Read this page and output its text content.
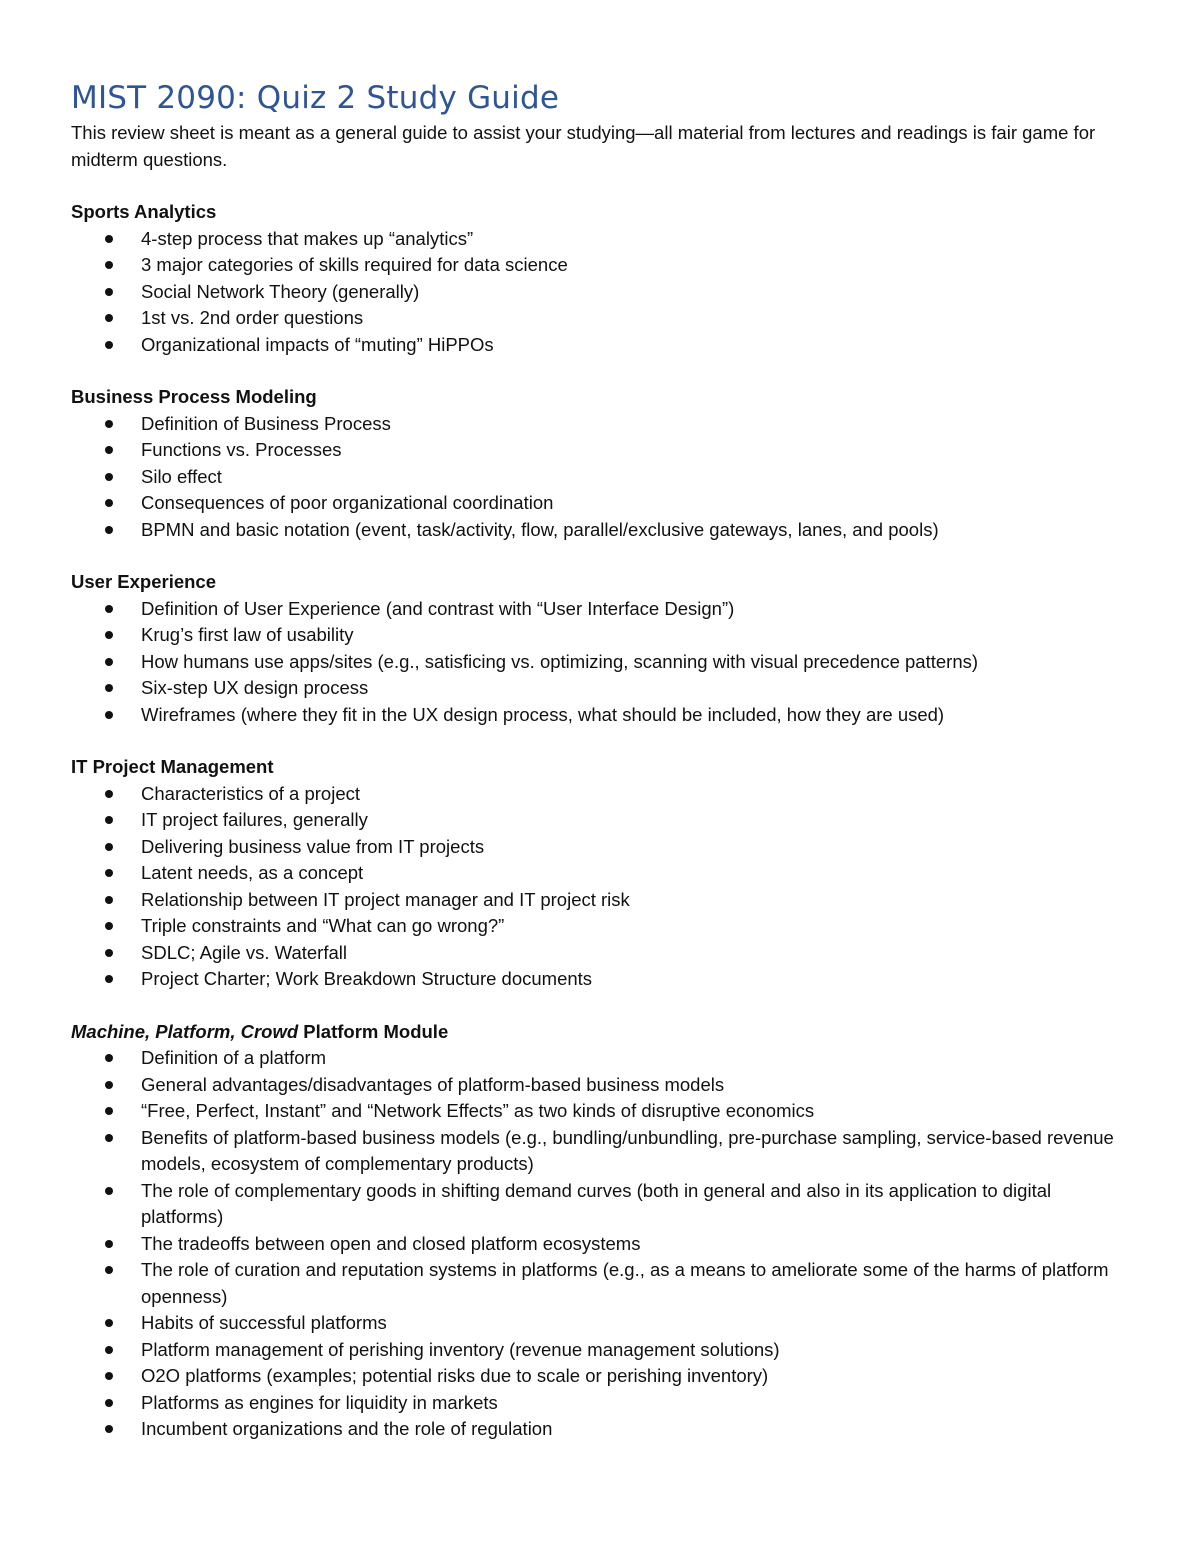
MIST 2090: Quiz 2 Study Guide

This review sheet is meant as a general guide to assist your studying—all material from lectures and readings is fair game for midterm questions.

Sports Analytics

4-step process that makes up “analytics”
3 major categories of skills required for data science
Social Network Theory (generally)
1st vs. 2nd order questions
Organizational impacts of “muting” HiPPOs

Business Process Modeling

Definition of Business Process
Functions vs. Processes
Silo effect
Consequences of poor organizational coordination
BPMN and basic notation (event, task/activity, flow, parallel/exclusive gateways, lanes, and pools)

User Experience

Definition of User Experience (and contrast with “User Interface Design”)
Krug’s first law of usability
How humans use apps/sites (e.g., satisficing vs. optimizing, scanning with visual precedence patterns)
Six-step UX design process
Wireframes (where they fit in the UX design process, what should be included, how they are used)

IT Project Management

Characteristics of a project
IT project failures, generally
Delivering business value from IT projects
Latent needs, as a concept
Relationship between IT project manager and IT project risk
Triple constraints and “What can go wrong?”
SDLC; Agile vs. Waterfall
Project Charter; Work Breakdown Structure documents

Machine, Platform, Crowd Platform Module

Definition of a platform
General advantages/disadvantages of platform-based business models
“Free, Perfect, Instant” and “Network Effects” as two kinds of disruptive economics
Benefits of platform-based business models (e.g., bundling/unbundling, pre-purchase sampling, service-based revenue models, ecosystem of complementary products)
The role of complementary goods in shifting demand curves (both in general and also in its application to digital platforms)
The tradeoffs between open and closed platform ecosystems
The role of curation and reputation systems in platforms (e.g., as a means to ameliorate some of the harms of platform openness)
Habits of successful platforms
Platform management of perishing inventory (revenue management solutions)
O2O platforms (examples; potential risks due to scale or perishing inventory)
Platforms as engines for liquidity in markets
Incumbent organizations and the role of regulation
